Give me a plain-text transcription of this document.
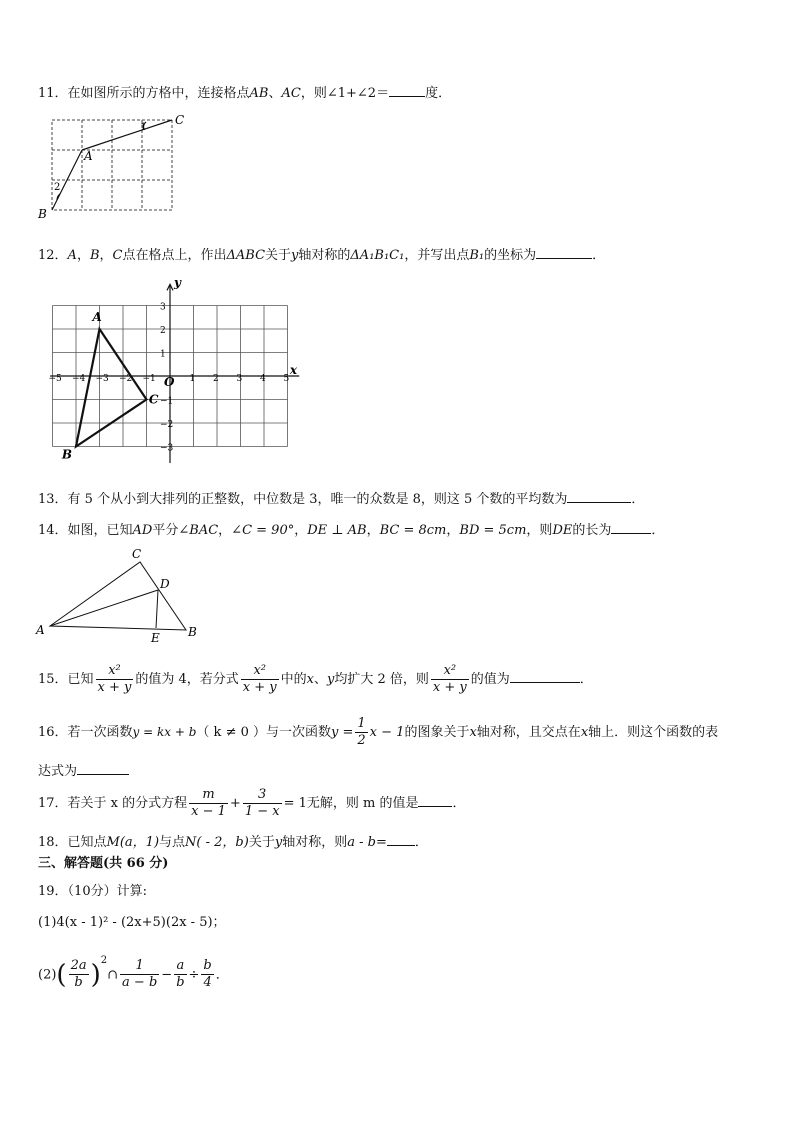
11．在如图所示的方格中，连接格点AB、AC，则∠1+∠2＝	度．
C
A
B
1
2
12．A，B，C点在格点上，作出ΔABC关于y轴对称的ΔA₁B₁C₁，并写出点B₁的坐标为	．
−5 −4 −3 −2 −1	1 2 3 4 5
3
2
1
−1
−2
−3
y
x
O
A
B
C
13．有 5 个从小到大排列的正整数，中位数是 3，唯一的众数是 8，则这 5 个数的平均数为	．
14．如图，已知AD平分∠BAC，∠C = 90°，DE ⊥ AB，BC = 8cm，BD = 5cm，则DE的长为	．
C
D
A
E B
15．已知 $\frac{\text{x²}}{x + y}$ 的值为 4，若分式 $\frac{\text{x²}}{x + y}$ 中的x、y均扩大 2 倍，则 $\frac{\text{x²}}{x + y}$ 的值为	．
16．若一次函数y = kx + b（ k ≠ 0 ）与一次函数$y = \frac{1}{2}$ x − 1的图象关于x轴对称，且交点在x轴上．则这个函数的表
达式为
17．若关于 x 的分式方程 $\frac{m}{x - 1} + \frac{3}{1 - x} = 1$无解，则 m 的值是	．
18．已知点M(a，1)与点N( - 2，b)关于y轴对称，则a - b= ．
三、解答题(共 66 分)
19．（10分）计算:
(1)4(x - 1)² - (2x+5)(2x - 5)；
$(2)( \frac{2a}{b}$ )$^2\cap \frac{1}{a - b} - \frac{a}{b} \div \frac{b}{4}$ ．
